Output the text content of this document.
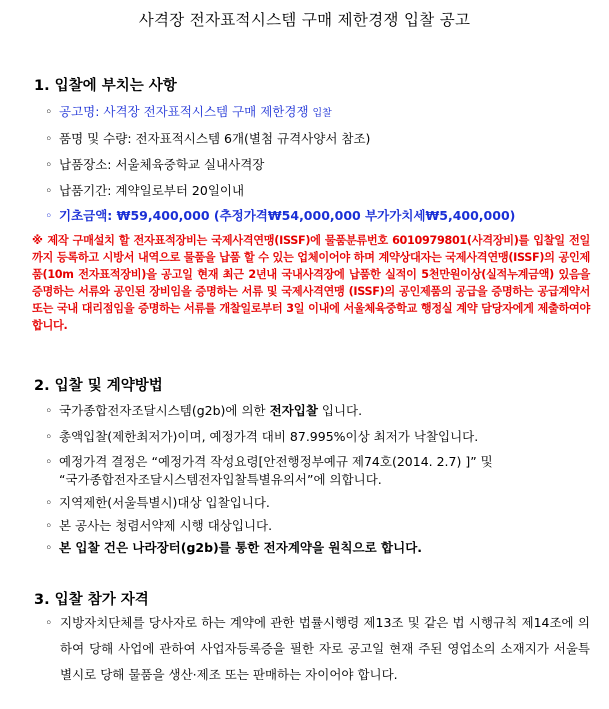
사격장 전자표적시스템 구매 제한경쟁 입찰 공고
1. 입찰에 부치는 사항
◦ 공고명: 사격장 전자표적시스템 구매 제한경쟁 입찰
◦ 품명 및 수량: 전자표적시스템 6개(별첨 규격사양서 참조)
◦ 납품장소: 서울체육중학교 실내사격장
◦ 납품기간: 계약일로부터 20일이내
◦ 기초금액: ₩59,400,000 (추정가격₩54,000,000 부가가치세₩5,400,000)
※ 제작 구매설치 할 전자표적장비는 국제사격연맹(ISSF)에 물품분류번호 6010979801(사격장비)를 입찰일 전일까지 등록하고 시방서 내역으로 물품을 납품 할 수 있는 업체이어야 하며 계약상대자는 국제사격연맹(ISSF)의 공인제품(10m 전자표적장비)을 공고일 현재 최근 2년내 국내사격장에 납품한 실적이 5천만원이상(실적누계금액) 있음을 증명하는 서류와 공인된 장비임을 증명하는 서류 및 국제사격연맹 (ISSF)의 공인제품의 공급을 증명하는 공급계약서 또는 국내 대리점임을 증명하는 서류를 개찰일로부터 3일 이내에 서울체육중학교 행정실 계약 담당자에게 제출하여야 합니다.
2. 입찰 및 계약방법
◦ 국가종합전자조달시스템(g2b)에 의한 전자입찰 입니다.
◦ 총액입찰(제한최저가)이며, 예정가격 대비 87.995%이상 최저가 낙찰입니다.
◦ 예정가격 결정은 “예정가격 작성요령[안전행정부예규 제74호(2014. 2.7) ]” 및
“국가종합전자조달시스템전자입찰특별유의서”에 의합니다.
◦ 지역제한(서울특별시)대상 입찰입니다.
◦ 본 공사는 청렴서약제 시행 대상입니다.
◦ 본 입찰 건은 나라장터(g2b)를 통한 전자계약을 원칙으로 합니다.
3. 입찰 참가 자격
◦ 지방자치단체를 당사자로 하는 계약에 관한 법률시행령 제13조 및 같은 법 시행규칙 제14조에 의하여 당해 사업에 관하여 사업자등록증을 필한 자로 공고일 현재 주된 영업소의 소재지가 서울특별시로 당해 물품을 생산·제조 또는 판매하는 자이어야 합니다.
